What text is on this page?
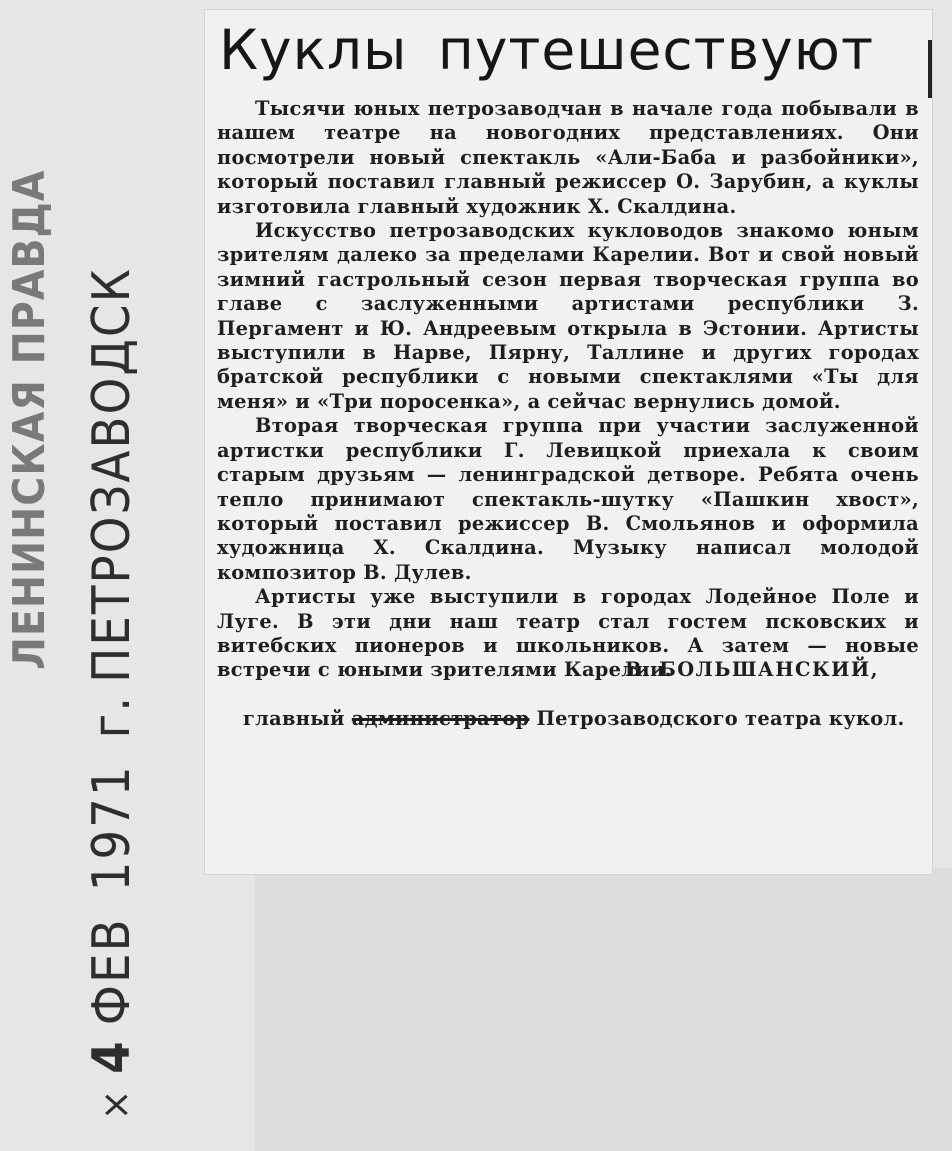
×4ФЕВ1971г.ПЕТРОЗАВОДСК
ЛЕНИНСКАЯ ПРАВДА
Куклы путешествуют

Тысячи юных петрозаводчан в начале года побывали в нашем театре на новогодних представлениях. Они посмотрели новый спектакль «Али-Баба и разбойники», который поставил главный режиссер О. Зарубин, а куклы изготовила главный художник Х. Скалдина.

Искусство петрозаводских кукловодов знакомо юным зрителям далеко за пределами Карелии. Вот и свой новый зимний гастрольный сезон первая творческая группа во главе с заслуженными артистами республики З. Пергамент и Ю. Андреевым открыла в Эстонии. Артисты выступили в Нарве, Пярну, Таллине и других городах братской республики с новыми спектаклями «Ты для меня» и «Три поросенка», а сейчас вернулись домой.

Вторая творческая группа при участии заслуженной артистки республики Г. Левицкой приехала к своим старым друзьям — ленинградской детворе. Ребята очень тепло принимают спектакль-шутку «Пашкин хвост», который поставил режиссер В. Смольянов и оформила художница Х. Скалдина. Музыку написал молодой композитор В. Дулев.

Артисты уже выступили в городах Лодейное Поле и Луге. В эти дни наш театр стал гостем псковских и витебских пионеров и школьников. А затем — новые встречи с юными зрителями Карелии.

В. БОЛЬШАНСКИЙ,

главный администратор Петрозаводского театра кукол.
